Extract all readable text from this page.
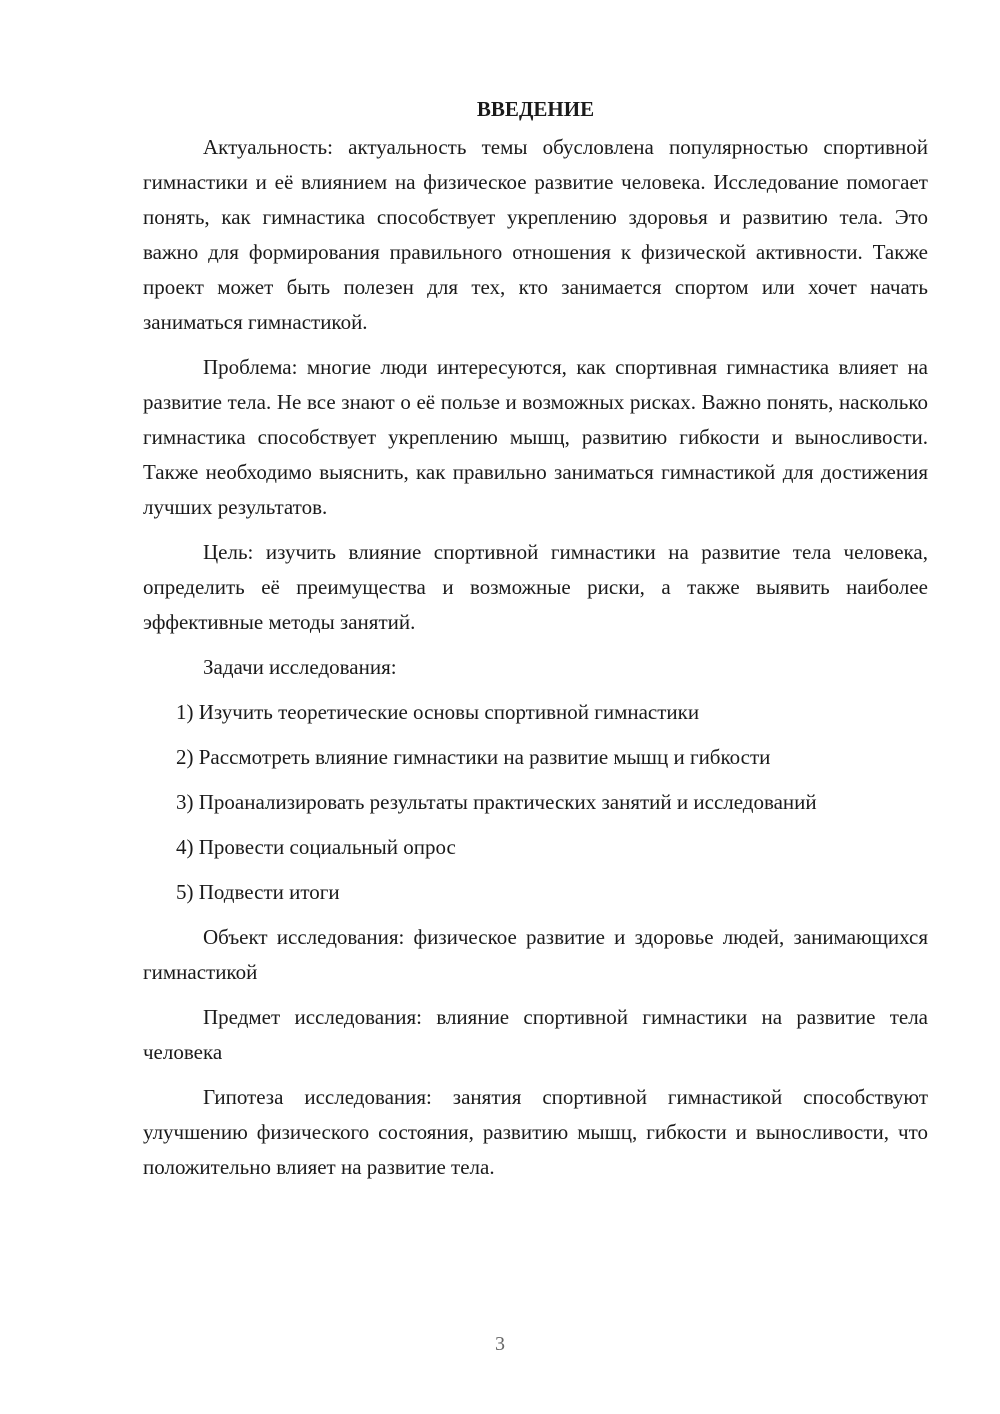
ВВЕДЕНИЕ

Актуальность: актуальность темы обусловлена популярностью спортивной гимнастики и её влиянием на физическое развитие человека. Исследование помогает понять, как гимнастика способствует укреплению здоровья и развитию тела. Это важно для формирования правильного отношения к физической активности. Также проект может быть полезен для тех, кто занимается спортом или хочет начать заниматься гимнастикой.

Проблема: многие люди интересуются, как спортивная гимнастика влияет на развитие тела. Не все знают о её пользе и возможных рисках. Важно понять, насколько гимнастика способствует укреплению мышц, развитию гибкости и выносливости. Также необходимо выяснить, как правильно заниматься гимнастикой для достижения лучших результатов.

Цель: изучить влияние спортивной гимнастики на развитие тела человека, определить её преимущества и возможные риски, а также выявить наиболее эффективные методы занятий.

Задачи исследования:

1) Изучить теоретические основы спортивной гимнастики

2) Рассмотреть влияние гимнастики на развитие мышц и гибкости

3) Проанализировать результаты практических занятий и исследований

4) Провести социальный опрос

5) Подвести итоги

Объект исследования: физическое развитие и здоровье людей, занимающихся гимнастикой

Предмет исследования: влияние спортивной гимнастики на развитие тела человека

Гипотеза исследования: занятия спортивной гимнастикой способствуют улучшению физического состояния, развитию мышц, гибкости и выносливости, что положительно влияет на развитие тела.

3
